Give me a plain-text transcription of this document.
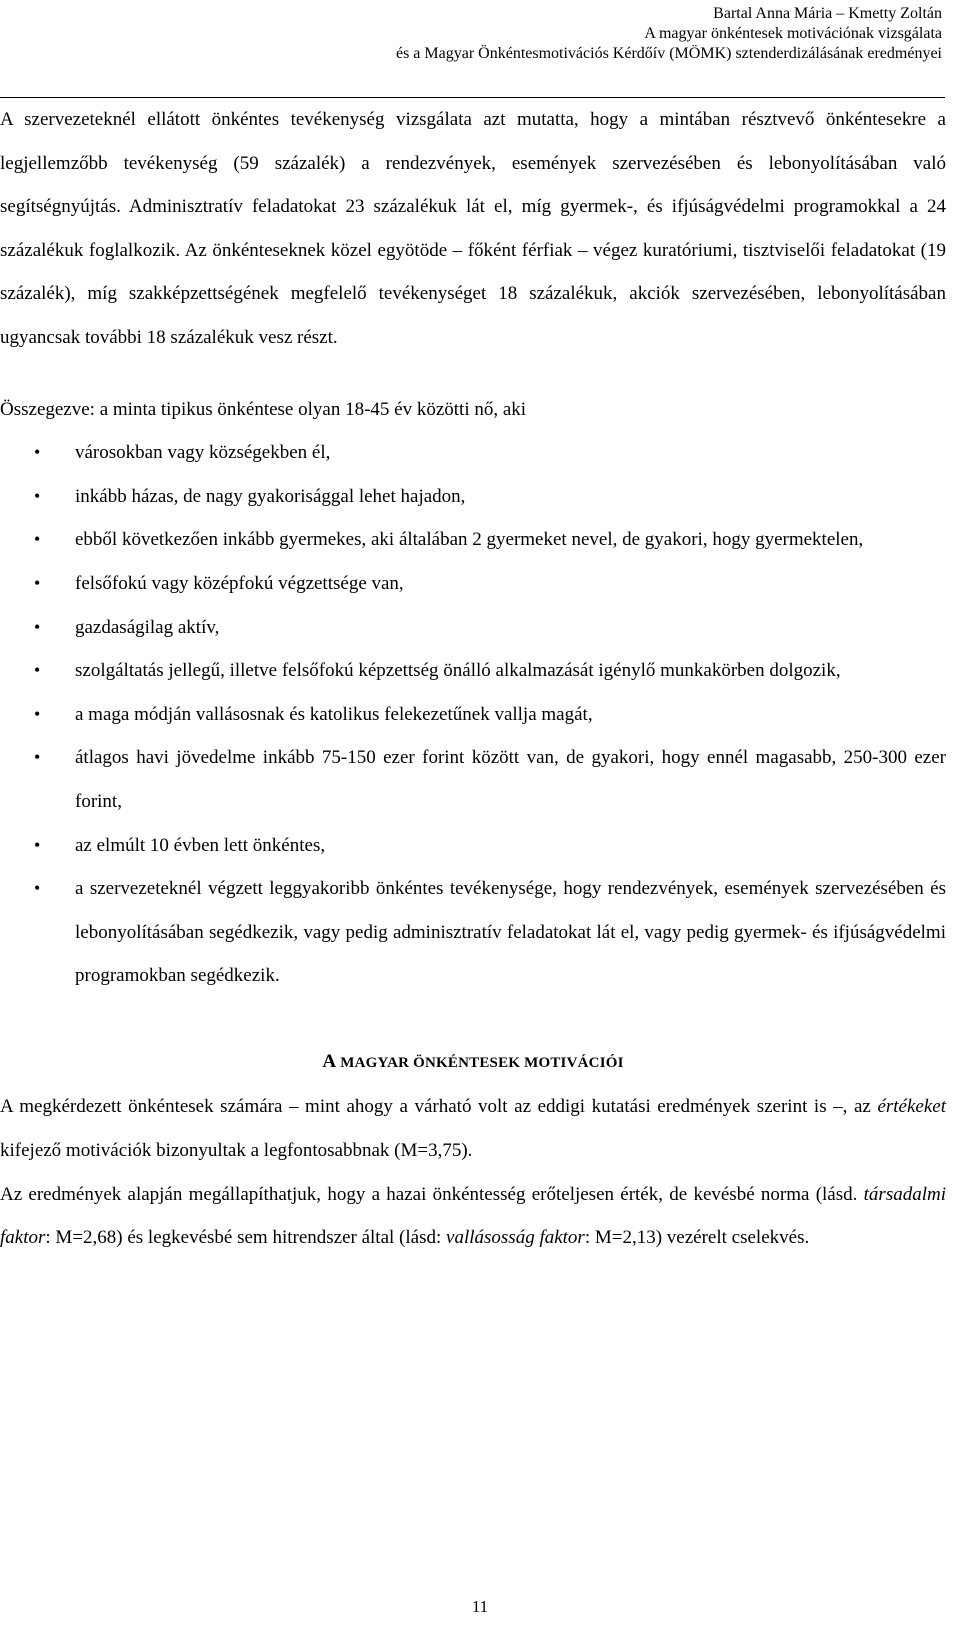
Bartal Anna Mária – Kmetty Zoltán
A magyar önkéntesek motivációnak vizsgálata
és a Magyar Önkéntesmotivációs Kérdőív (MÖMK) sztenderdizálásának eredményei

A szervezeteknél ellátott önkéntes tevékenység vizsgálata azt mutatta, hogy a mintában résztvevő önkéntesekre a legjellemzőbb tevékenység (59 százalék) a rendezvények, események szervezésében és lebonyolításában való segítségnyújtás. Adminisztratív feladatokat 23 százalékuk lát el, míg gyermek-, és ifjúságvédelmi programokkal a 24 százalékuk foglalkozik. Az önkénteseknek közel egyötöde – főként férfiak – végez kuratóriumi, tisztviselői feladatokat (19 százalék), míg szakképzettségének megfelelő tevékenységet 18 százalékuk, akciók szervezésében, lebonyolításában ugyancsak további 18 százalékuk vesz részt.

Összegezve: a minta tipikus önkéntese olyan 18-45 év közötti nő, aki

• városokban vagy községekben él,
• inkább házas, de nagy gyakorisággal lehet hajadon,
• ebből következően inkább gyermekes, aki általában 2 gyermeket nevel, de gyakori, hogy gyermektelen,
• felsőfokú vagy középfokú végzettsége van,
• gazdaságilag aktív,
• szolgáltatás jellegű, illetve felsőfokú képzettség önálló alkalmazását igénylő munkakörben dolgozik,
• a maga módján vallásosnak és katolikus felekezetűnek vallja magát,
• átlagos havi jövedelme inkább 75-150 ezer forint között van, de gyakori, hogy ennél magasabb, 250-300 ezer forint,
• az elmúlt 10 évben lett önkéntes,
• a szervezeteknél végzett leggyakoribb önkéntes tevékenysége, hogy rendezvények, események szervezésében és lebonyolításában segédkezik, vagy pedig adminisztratív feladatokat lát el, vagy pedig gyermek- és ifjúságvédelmi programokban segédkezik.

A MAGYAR ÖNKÉNTESEK MOTIVÁCIÓI

A megkérdezett önkéntesek számára – mint ahogy a várható volt az eddigi kutatási eredmények szerint is –, az értékeket kifejező motivációk bizonyultak a legfontosabbnak (M=3,75).

Az eredmények alapján megállapíthatjuk, hogy a hazai önkéntesség erőteljesen érték, de kevésbé norma (lásd. társadalmi faktor: M=2,68) és legkevésbé sem hitrendszer által (lásd: vallásosság faktor: M=2,13) vezérelt cselekvés.

11
